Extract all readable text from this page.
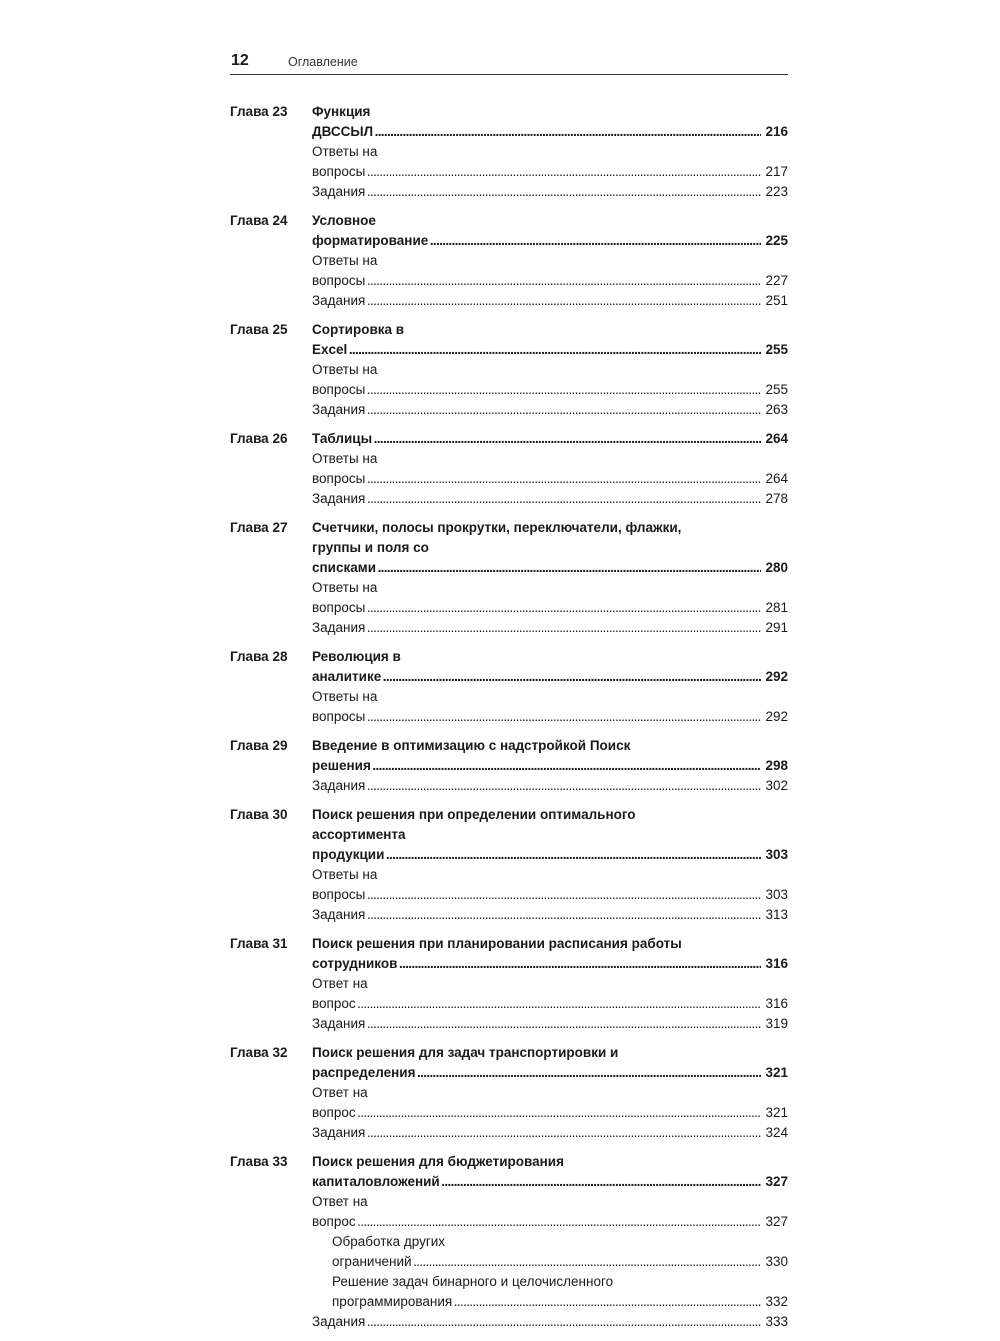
12	Оглавление
Глава 23 Функция ДВССЫЛ . . .	216
Ответы на вопросы . . .	217
Задания . . .	223
Глава 24 Условное форматирование . . .	225
Ответы на вопросы . . .	227
Задания . . .	251
Глава 25 Сортировка в Excel . . .	255
Ответы на вопросы . . .	255
Задания . . .	263
Глава 26 Таблицы . . .	264
Ответы на вопросы . . .	264
Задания . . .	278
Глава 27 Счетчики, полосы прокрутки, переключатели, флажки,
группы и поля со списками . . .	280
Ответы на вопросы . . .	281
Задания . . .	291
Глава 28 Революция в аналитике . . .	292
Ответы на вопросы . . .	292
Глава 29 Введение в оптимизацию с надстройкой Поиск решения . . .	298
Задания . . .	302
Глава 30 Поиск решения при определении оптимального
ассортимента продукции . . .	303
Ответы на вопросы . . .	303
Задания . . .	313
Глава 31 Поиск решения при планировании расписания работы
сотрудников . . .	316
Ответ на вопрос . . .	316
Задания . . .	319
Глава 32 Поиск решения для задач транспортировки и распределения . . .	321
Ответ на вопрос . . .	321
Задания . . .	324
Глава 33 Поиск решения для бюджетирования капиталовложений . . .	327
Ответ на вопрос . . .	327
Обработка других ограничений . . .	330
Решение задач бинарного и целочисленного программирования . . .	332
Задания . . .	333
